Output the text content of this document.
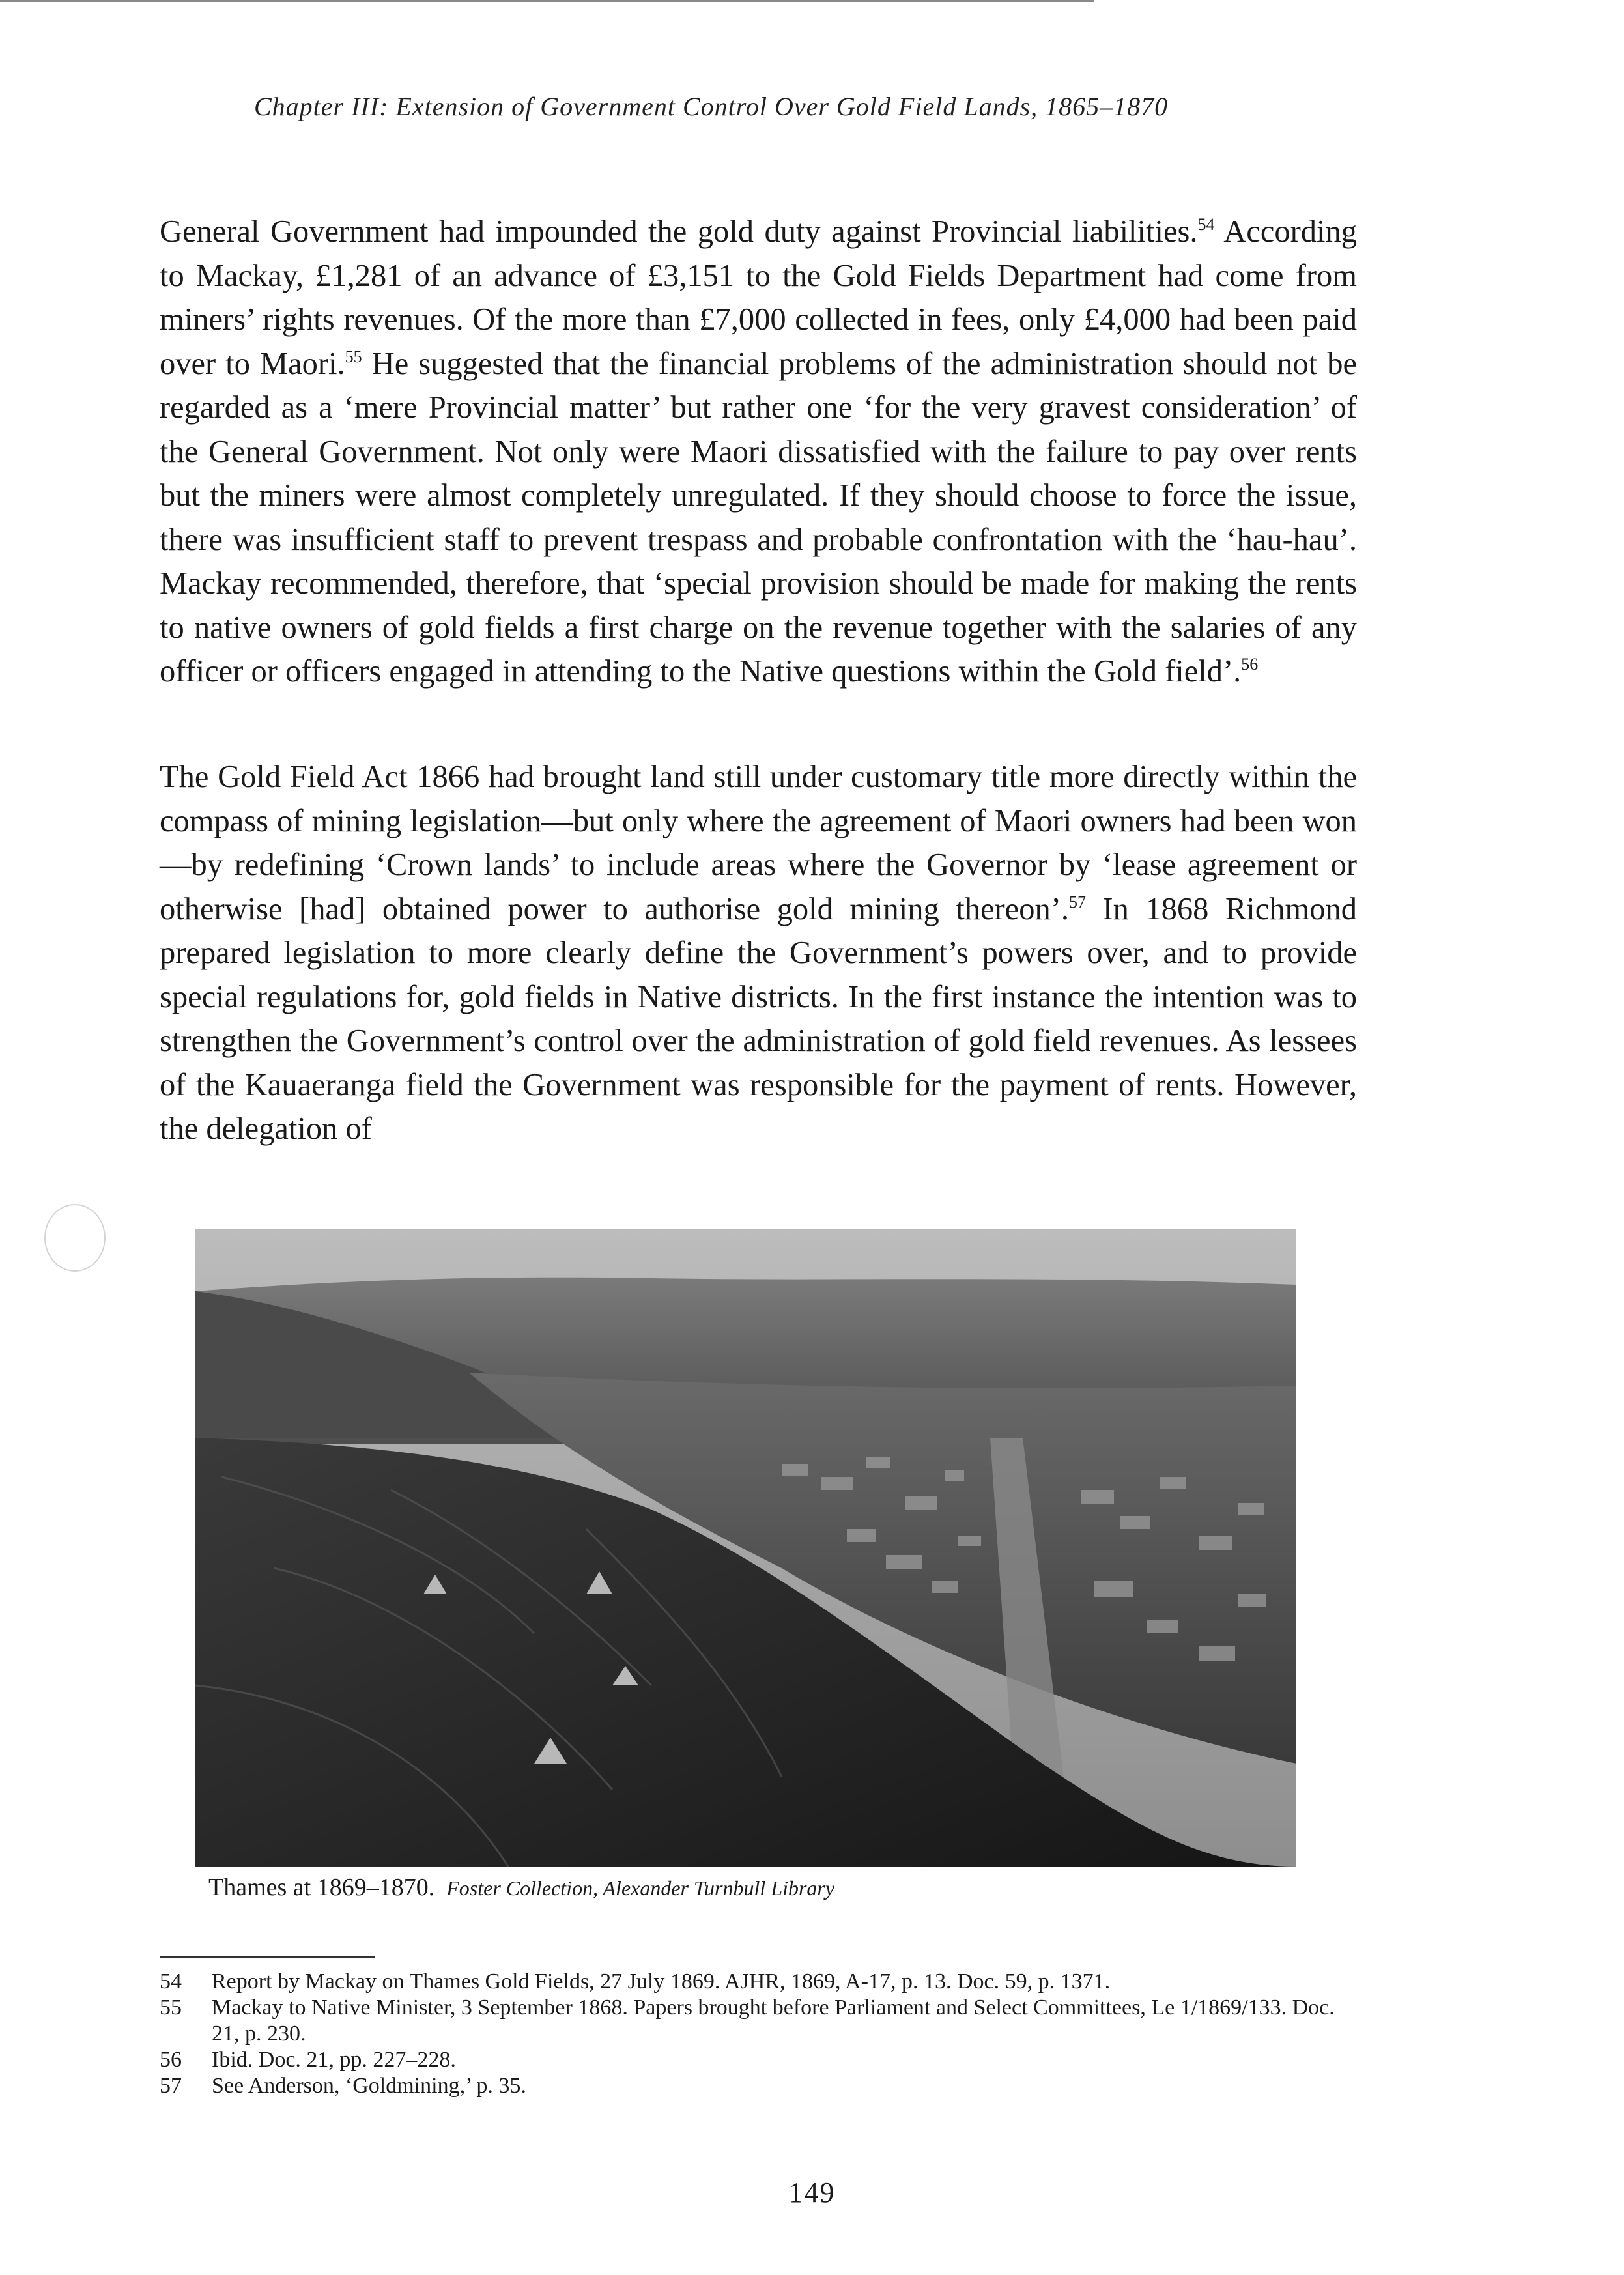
Chapter III: Extension of Government Control Over Gold Field Lands, 1865–1870

General Government had impounded the gold duty against Provincial liabilities.$^{54}$ According to Mackay, £1,281 of an advance of £3,151 to the Gold Fields Department had come from miners’ rights revenues. Of the more than £7,000 collected in fees, only £4,000 had been paid over to Maori.$^{55}$ He suggested that the financial problems of the administration should not be regarded as a ‘mere Provincial matter’ but rather one ‘for the very gravest consideration’ of the General Government. Not only were Maori dissatisfied with the failure to pay over rents but the miners were almost completely unregulated. If they should choose to force the issue, there was insufficient staff to prevent trespass and probable confrontation with the ‘hau-hau’. Mackay recommended, therefore, that ‘special provision should be made for making the rents to native owners of gold fields a first charge on the revenue together with the salaries of any officer or officers engaged in attending to the Native questions within the Gold field’.$^{56}$

The Gold Field Act 1866 had brought land still under customary title more directly within the compass of mining legislation—but only where the agreement of Maori owners had been won—by redefining ‘Crown lands’ to include areas where the Governor by ‘lease agreement or otherwise [had] obtained power to authorise gold mining thereon’.$^{57}$ In 1868 Richmond prepared legislation to more clearly define the Government’s powers over, and to provide special regulations for, gold fields in Native districts. In the first instance the intention was to strengthen the Government’s control over the administration of gold field revenues. As lessees of the Kauaeranga field the Government was responsible for the payment of rents. However, the delegation of

Thames at 1869–1870. Foster Collection, Alexander Turnbull Library
54 Report by Mackay on Thames Gold Fields, 27 July 1869. AJHR, 1869, A-17, p. 13. Doc. 59, p. 1371.
55 Mackay to Native Minister, 3 September 1868. Papers brought before Parliament and Select Committees, Le 1/1869/133. Doc. 21, p. 230.
56 Ibid. Doc. 21, pp. 227–228.
57 See Anderson, ‘Goldmining,’ p. 35.
149
